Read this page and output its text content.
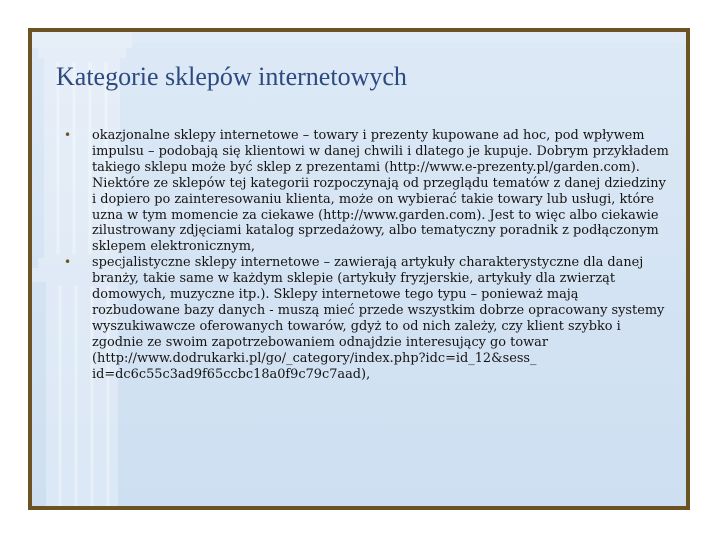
Kategorie sklepów internetowych

• okazjonalne sklepy internetowe – towary i prezenty kupowane ad hoc, pod wpływem impulsu – podobają się klientowi w danej chwili i dlatego je kupuje. Dobrym przykładem takiego sklepu może być sklep z prezentami (http://www.e-prezenty.pl/garden.com). Niektóre ze sklepów tej kategorii rozpoczynają od przeglądu tematów z danej dziedziny i dopiero po zainteresowaniu klienta, może on wybierać takie towary lub usługi, które uzna w tym momencie za ciekawe (http://www.garden.com). Jest to więc albo ciekawie zilustrowany zdjęciami katalog sprzedażowy, albo tematyczny poradnik z podłączonym sklepem elektronicznym,

• specjalistyczne sklepy internetowe – zawierają artykuły charakterystyczne dla danej branży, takie same w każdym sklepie (artykuły fryzjerskie, artykuły dla zwierząt domowych, muzyczne itp.). Sklepy internetowe tego typu – ponieważ mają rozbudowane bazy danych - muszą mieć przede wszystkim dobrze opracowany systemy wyszukiwawcze oferowanych towarów, gdyż to od nich zależy, czy klient szybko i zgodnie ze swoim zapotrzebowaniem odnajdzie interesujący go towar (http://www.dodrukarki.pl/go/_category/index.php?idc=id_12&sess_ id=dc6c55c3ad9f65ccbc18a0f9c79c7aad),
